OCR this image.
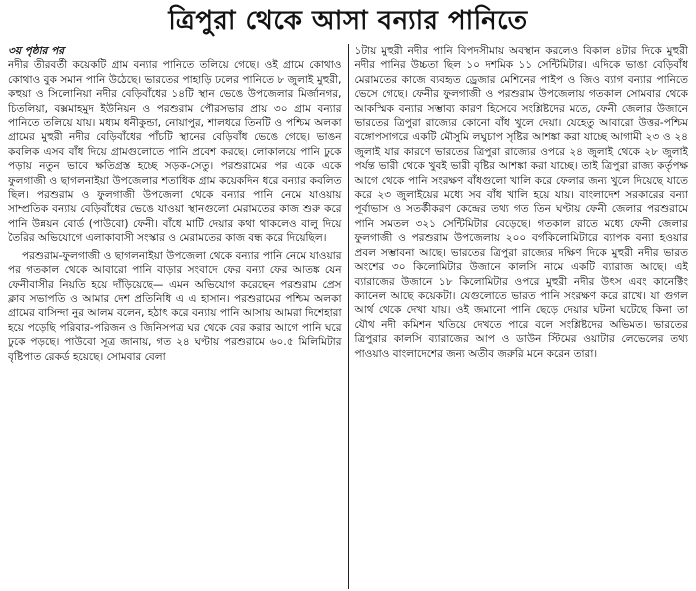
ত্রিপুরা থেকে আসা বন্যার পানিতে
৩য় পৃষ্ঠার পর

নদীর তীরবর্তী কয়েকটি গ্রাম বন্যার পানিতে তলিয়ে গেছে। ওই গ্রামে কোথাও কোথাও বুক সমান পানি উঠেছে। ভারতের পাহাড়ি ঢলের পানিতে ৮ জুলাই মুহুরী, কহুয়া ও সিলোনিয়া নদীর বেড়িবাঁধের ১৪টি স্থান ভেঙে উপজেলার মির্জানগর, চিতলিয়া, বক্সমাহমুদ ইউনিয়ন ও পরশুরাম পৌরসভার প্রায় ৩০ গ্রাম বন্যার পানিতে তলিয়ে যায়। মধ্যম ধনীকুন্ডা, নোয়াপুর, শালধরে তিনটি ও পশ্চিম অলকা গ্রামের মুহুরী নদীর বেড়িবাঁধের পাঁচটি স্থানের বেড়িবাঁধ ভেঙে গেছে। ভাঙন কবলিক এসব বাঁধ দিয়ে গ্রামগুলোতে পানি প্রবেশ করছে। লোকালয়ে পানি ঢুকে পড়ায় নতুন ভাবে ক্ষতিগ্রস্ত হচ্ছে সড়ক-সেতু। পরশুরামের পর একে একে ফুলগাজী ও ছাগলনাইয়া উপজেলার শতাধিক গ্রাম কয়েকদিন ধরে বন্যার কবলিত ছিল। পরশুরাম ও ফুলগাজী উপজেলা থেকে বন্যার পানি নেমে যাওয়ায় সাম্প্রতিক বন্যায় বেড়িবাঁধের ভেঙে যাওয়া স্থানগুলো মেরামতের কাজ শুরু করে পানি উন্নয়ন বোর্ড (পাউবো) ফেনী। বাঁধে মাটি দেয়ার কথা থাকলেও বালু দিয়ে তৈরির অভিযোগে এলাকাবাসী সংস্কার ও মেরামতের কাজ বন্ধ করে দিয়েছিল।

পরশুরাম-ফুলগাজী ও ছাগলনাইয়া উপজেলা থেকে বন্যার পানি নেমে যাওয়ার পর গতকাল থেকে আবারো পানি বাড়ার সংবাদে ফের বন্যা ফের আতঙ্ক যেন ফেনীবাসীর নিয়তি হয়ে দাঁড়িয়েছে— এমন অভিযোগ করেছেন পরশুরাম প্রেস ক্লাব সভাপতি ও আমার দেশ প্রতিনিধি এ এ হাসান। পরশুরামের পশ্চিম অলকা গ্রামের বাসিন্দা নুর আলম বলেন, হঠাৎ করে বন্যায় পানি আসায় আমরা দিশেহারা হয়ে পড়েছি পরিবার-পরিজন ও জিনিসপত্র ঘর থেকে বের করার আগে পানি ঘরে ঢুকে পড়ছে। পাউবো সূত্র জানায়, গত ২৪ ঘণ্টায় পরশুরামে ৬০.৫ মিলিমিটার বৃষ্টিপাত রেকর্ড হয়েছে। সোমবার বেলা

১টায় মুহুরী নদীর পানি বিপদসীমায় অবস্থান করলেও বিকাল ৪টার দিকে মুহুরী নদীর পানির উচ্চতা ছিল ১০ দশমিক ১১ সেন্টিমিটার। এদিকে ভাঙা বেড়িবাঁধ মেরামতের কাজে ব্যবহৃত ড্রেজার মেশিনের পাইপ ও জিও ব্যাগ বন্যার পানিতে ভেসে গেছে। ফেনীর ফুলগাজী ও পরশুরাম উপজেলায় গতকাল সোমবার থেকে আকস্মিক বন্যার সম্ভাব্য কারণ হিসেবে সংশ্লিষ্টদের মতে, ফেনী জেলার উজানে ভারতের ত্রিপুরা রাজ্যের কোনো বাঁধ খুলে দেয়া। যেহেতু আবারো উত্তর-পশ্চিম বঙ্গোপসাগরে একটি মৌসুমি লঘুচাপ সৃষ্টির আশঙ্কা করা যাচ্ছে আগামী ২৩ ও ২৪ জুলাই যার কারণে ভারতের ত্রিপুরা রাজ্যের ওপরে ২৪ জুলাই থেকে ২৮ জুলাই পর্যন্ত ভারী থেকে খুবই ভারী বৃষ্টির আশঙ্কা করা যাচ্ছে। তাই ত্রিপুরা রাজ্য কর্তৃপক্ষ আগে থেকে পানি সংরক্ষণ বাঁধগুলো খালি করে ফেলার জন্য খুলে দিয়েছে যাতে করে ২৩ জুলাইয়ের মধ্যে সব বাঁধ খালি হয়ে যায়। বাংলাদেশ সরকারের বন্যা পূর্বাভাস ও সতর্কীকরণ কেন্দ্রের তথ্য গত তিন ঘণ্টায় ফেনী জেলার পরশুরামে পানি সমতল ৩২১ সেন্টিমিটার বেড়েছে। গতকাল রাতে মধ্যে ফেনী জেলার ফুলগাজী ও পরশুরাম উপজেলায় ২০০ বর্গকিলোমিটারে ব্যাপক বন্যা হওয়ার প্রবল সম্ভাবনা আছে। ভারতের ত্রিপুরা রাজ্যের দক্ষিণ দিকে মুহুরী নদীর ভারত অংশের ৩০ কিলোমিটার উজানে কালসি নামে একটি ব্যারাজ আছে। এই ব্যারাজের উজানে ১৮ কিলোমিটার ওপরে মুহুরী নদীর উৎস এবং কানেক্টিং ক্যানেল আছে কয়েকটা। যেগুলোতে ভারত পানি সংরক্ষণ করে রাখে। যা গুগল আর্থ থেকে দেখা যায়। ওই জমানো পানি ছেড়ে দেয়ার ঘটনা ঘটেছে কিনা তা যৌথ নদী কমিশন খতিয়ে দেখতে পারে বলে সংশ্লিষ্টদের অভিমত। ভারতের ত্রিপুরার কালসি ব্যারাজের আপ ও ডাউন স্টিমের ওয়াটার লেভেলের তথ্য পাওয়াও বাংলাদেশের জন্য অতীব জরুরি মনে করেন তারা।
